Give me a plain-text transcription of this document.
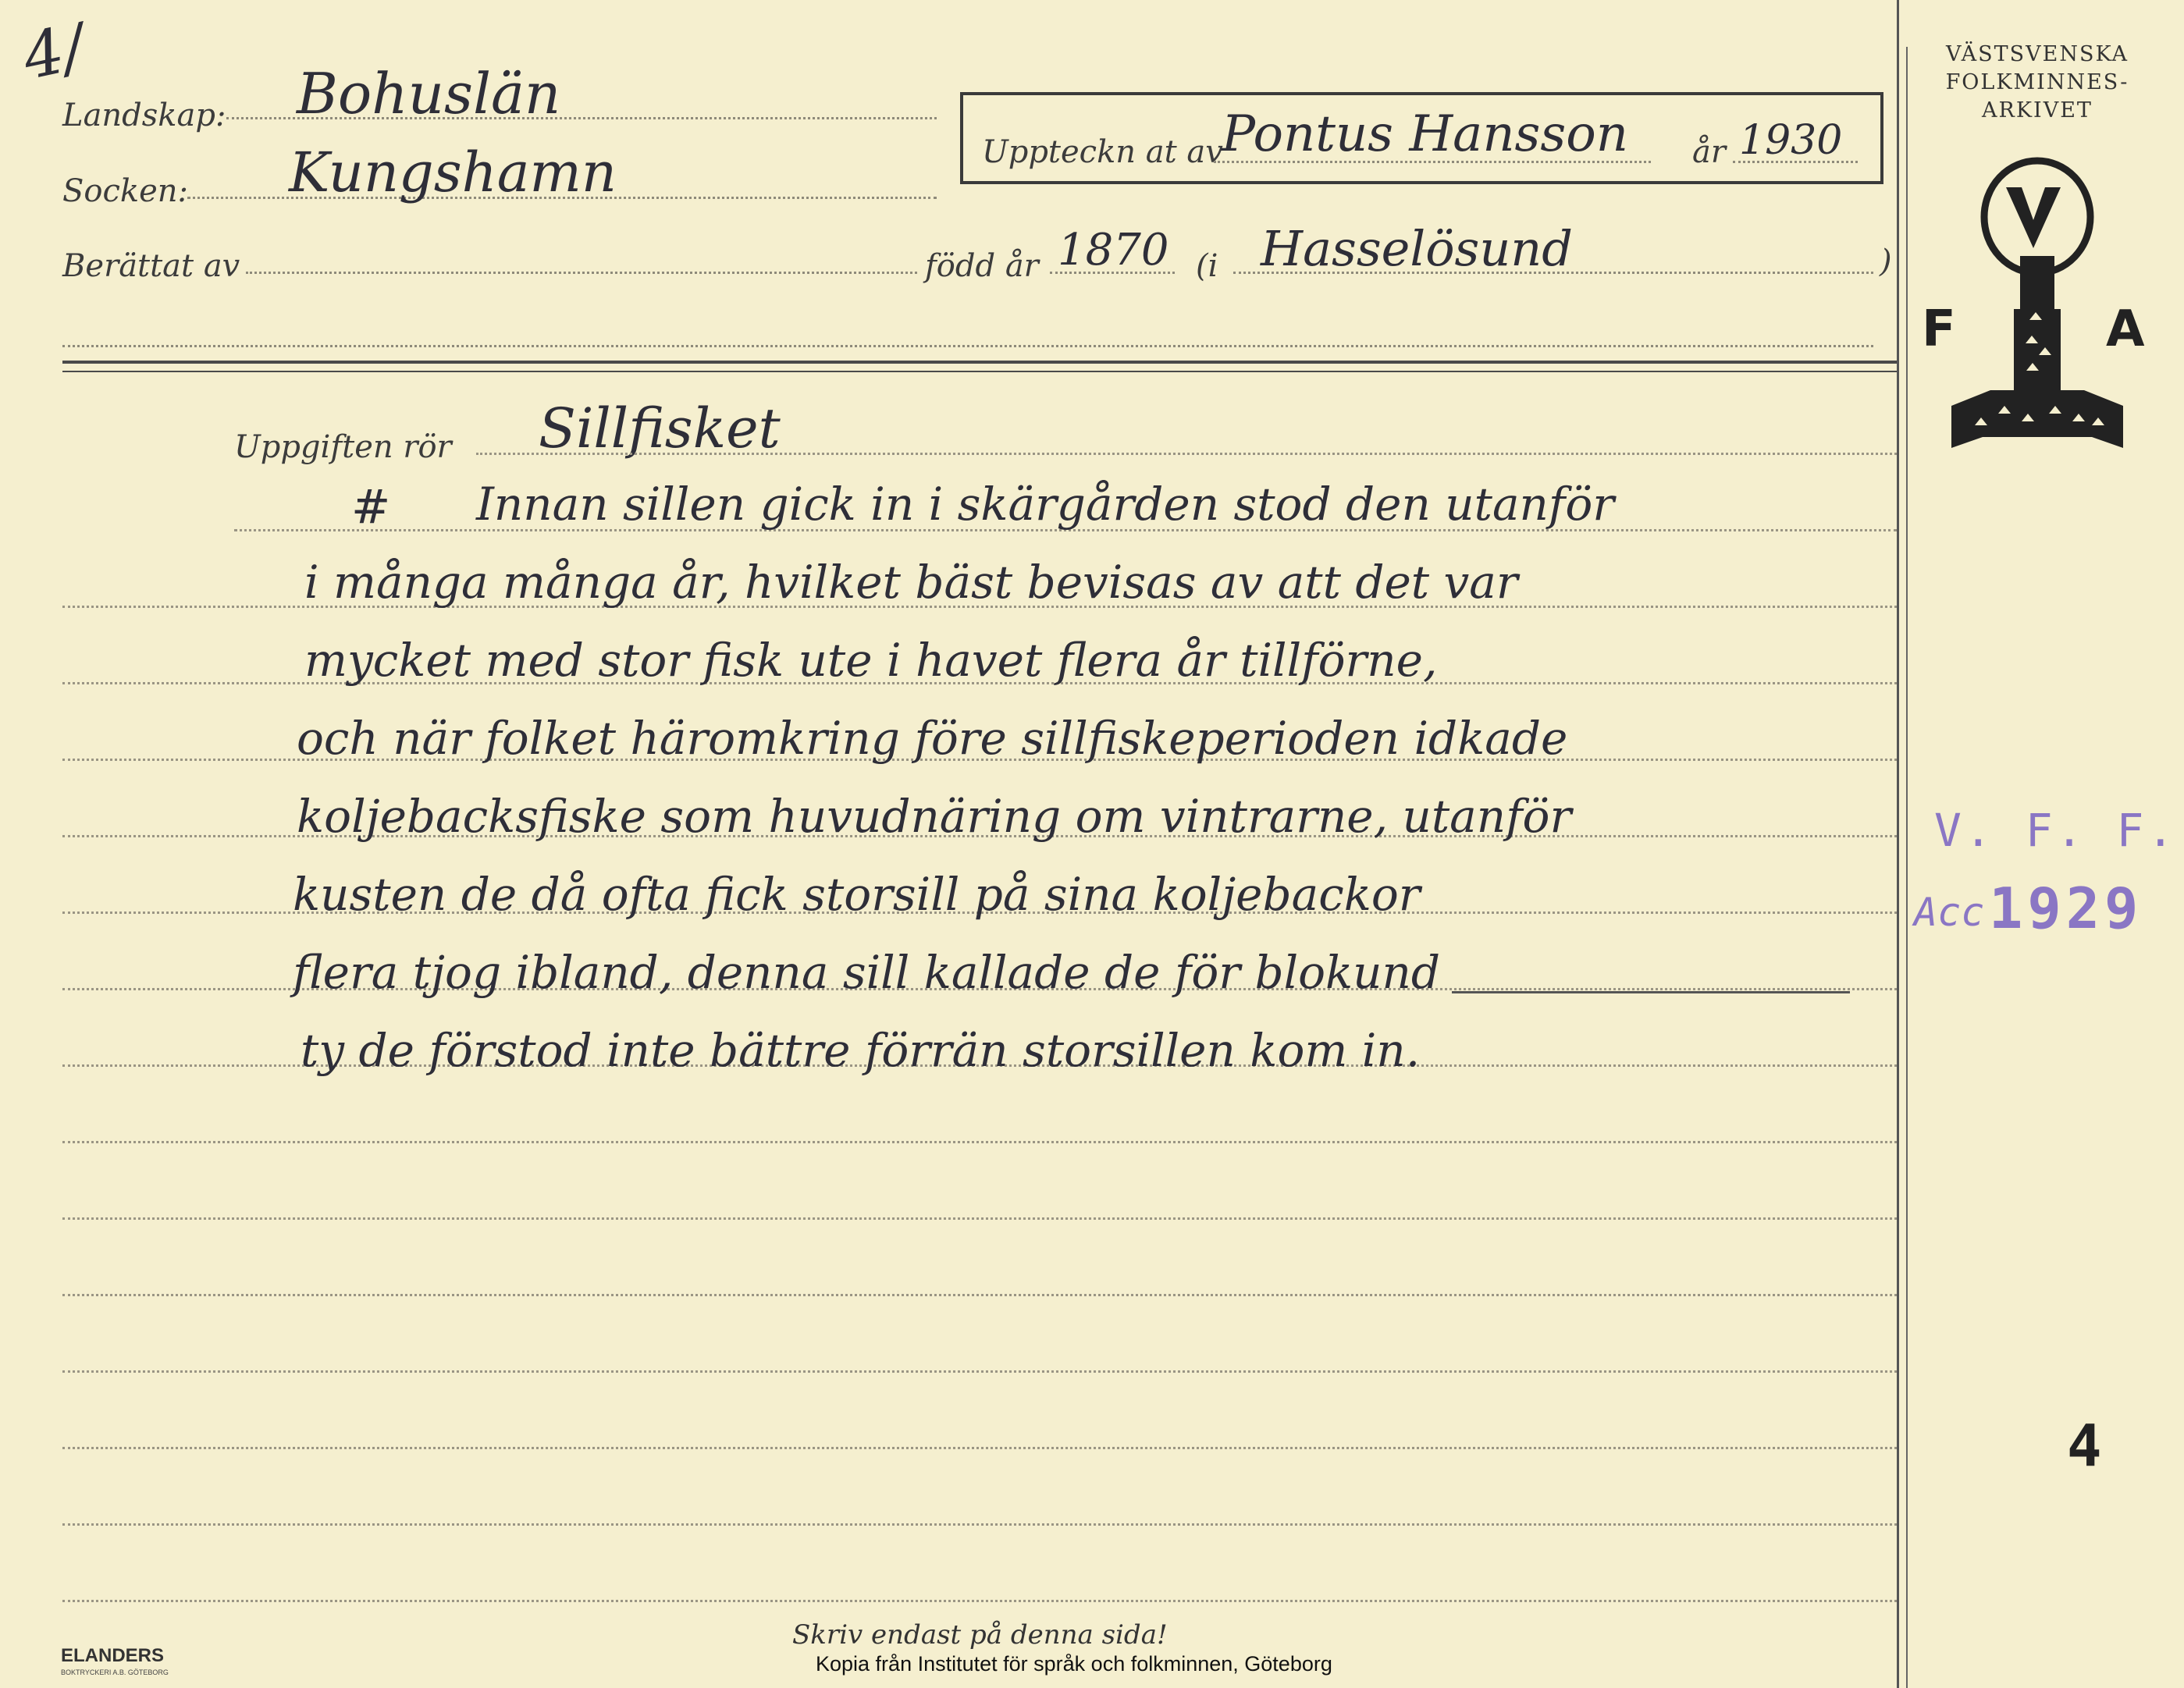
4/
Landskap: Bohuslän
Socken: Kungshamn	Uppteckn at av
Pontus Hansson år 1930
Berättat av	född år 1870 (i Hasselösund	)
Uppgiften rör Sillfisket
# Innan sillen gick in i skärgården stod den utanför
i många många år, hvilket bäst bevisas av att det var
mycket med stor fisk ute i havet flera år tillförne,
och när folket häromkring före sillfiskeperioden idkade
koljebacksfiske som huvudnäring om vintrarne, utanför
kusten de då ofta fick storsill på sina koljebackor
flera tjog ibland, denna sill kallade de för blokund
ty de förstod inte bättre förrän storsillen kom in.
VÄSTSVENSKA
FOLKMINNES-
ARKIVET
F	A
V. F. F.
Acc 1929
4
Skriv endast på denna sida!
ELANDERS
BOKTRYCKERI A.B. GÖTEBORG	Kopia från Institutet för språk och folkminnen, Göteborg
